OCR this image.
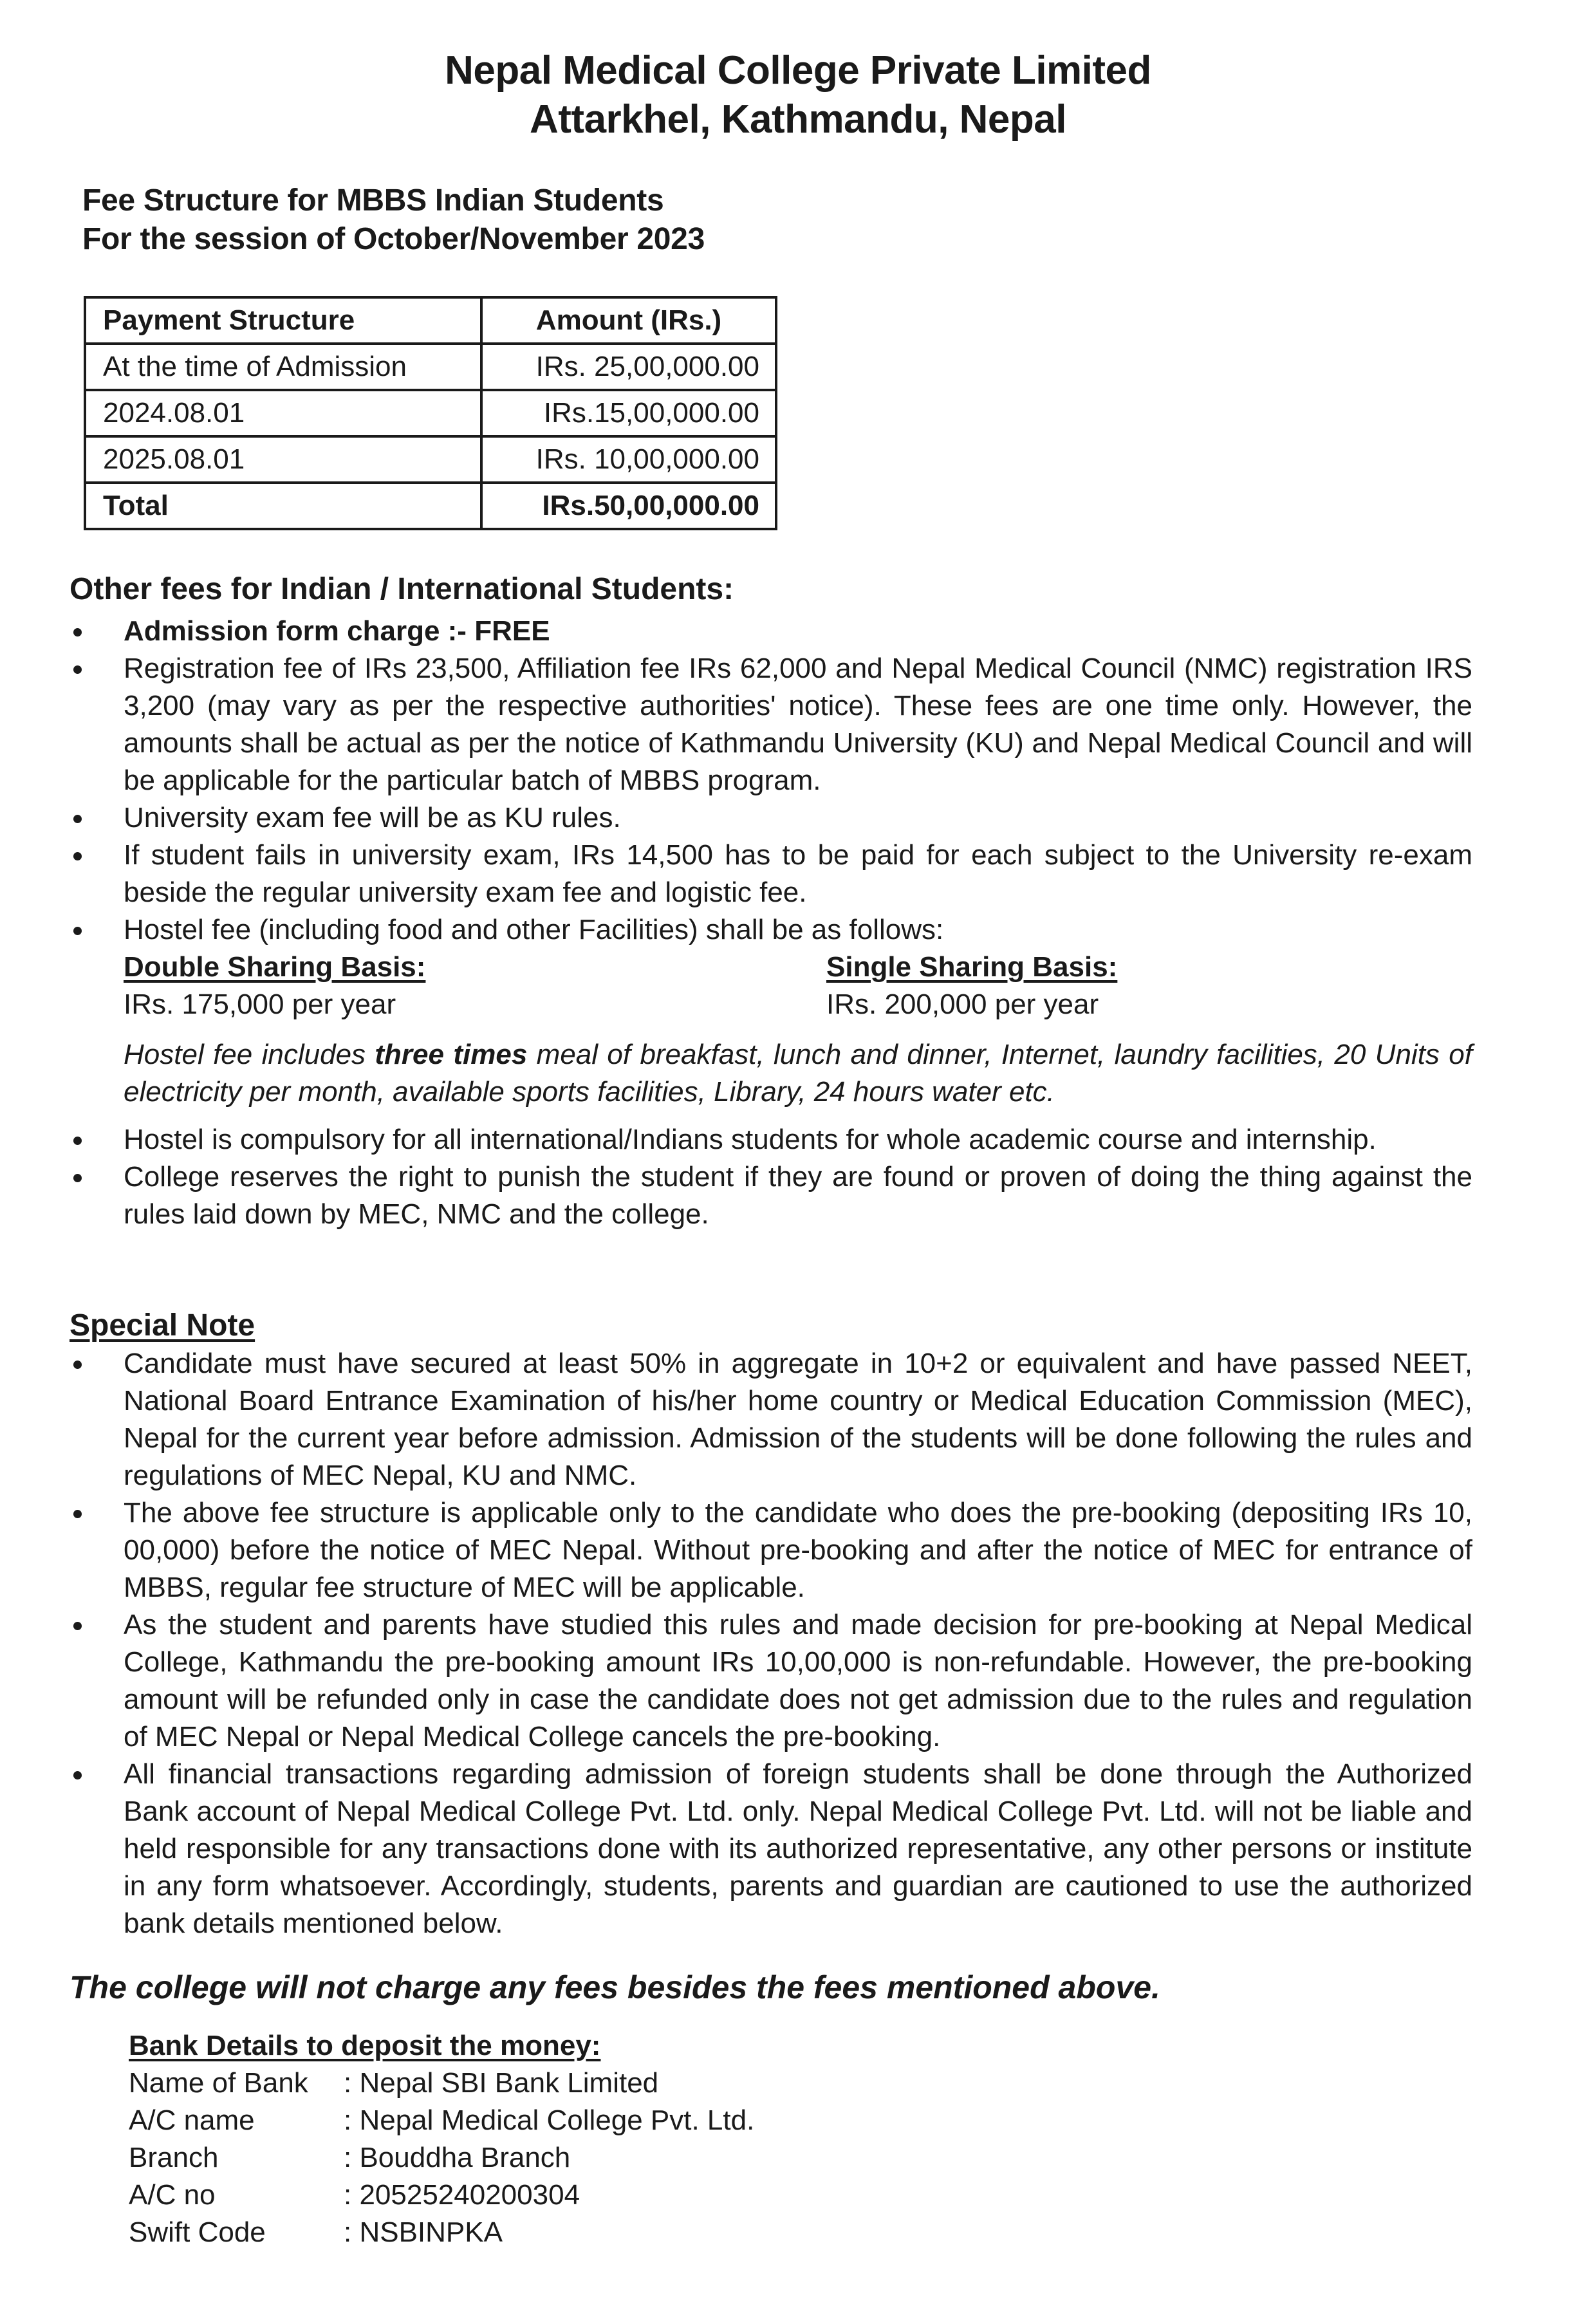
Nepal Medical College Private Limited
Attarkhel, Kathmandu, Nepal
Fee Structure for MBBS Indian Students
For the session of October/November 2023
Payment Structure	Amount (IRs.)
At the time of Admission	IRs. 25,00,000.00
2024.08.01	IRs.15,00,000.00
2025.08.01	IRs. 10,00,000.00
Total	IRs.50,00,000.00
Other fees for Indian / International Students:
Admission form charge :- FREE
Registration fee of IRs 23,500, Affiliation fee IRs 62,000 and Nepal Medical Council (NMC) registration IRS 3,200 (may vary as per the respective authorities' notice). These fees are one time only. However, the amounts shall be actual as per the notice of Kathmandu University (KU) and Nepal Medical Council and will be applicable for the particular batch of MBBS program.
University exam fee will be as KU rules.
If student fails in university exam, IRs 14,500 has to be paid for each subject to the University re-exam beside the regular university exam fee and logistic fee.
Hostel fee (including food and other Facilities) shall be as follows:
Double Sharing Basis:
IRs. 175,000 per year
Single Sharing Basis:
IRs. 200,000 per year
Hostel fee includes three times meal of breakfast, lunch and dinner, Internet, laundry facilities, 20 Units of electricity per month, available sports facilities, Library, 24 hours water etc.
Hostel is compulsory for all international/Indians students for whole academic course and internship.
College reserves the right to punish the student if they are found or proven of doing the thing against the rules laid down by MEC, NMC and the college.
Special Note
Candidate must have secured at least 50% in aggregate in 10+2 or equivalent and have passed NEET, National Board Entrance Examination of his/her home country or Medical Education Commission (MEC), Nepal for the current year before admission. Admission of the students will be done following the rules and regulations of MEC Nepal, KU and NMC.
The above fee structure is applicable only to the candidate who does the pre-booking (depositing IRs 10, 00,000) before the notice of MEC Nepal. Without pre-booking and after the notice of MEC for entrance of MBBS, regular fee structure of MEC will be applicable.
As the student and parents have studied this rules and made decision for pre-booking at Nepal Medical College, Kathmandu the pre-booking amount IRs 10,00,000 is non-refundable. However, the pre-booking amount will be refunded only in case the candidate does not get admission due to the rules and regulation of MEC Nepal or Nepal Medical College cancels the pre-booking.
All financial transactions regarding admission of foreign students shall be done through the Authorized Bank account of Nepal Medical College Pvt. Ltd. only. Nepal Medical College Pvt. Ltd. will not be liable and held responsible for any transactions done with its authorized representative, any other persons or institute in any form whatsoever. Accordingly, students, parents and guardian are cautioned to use the authorized bank details mentioned below.
The college will not charge any fees besides the fees mentioned above.
Bank Details to deposit the money:
Name of Bank	: Nepal SBI Bank Limited
A/C name	: Nepal Medical College Pvt. Ltd.
Branch	: Bouddha Branch
A/C no	: 20525240200304
Swift Code	: NSBINPKA
